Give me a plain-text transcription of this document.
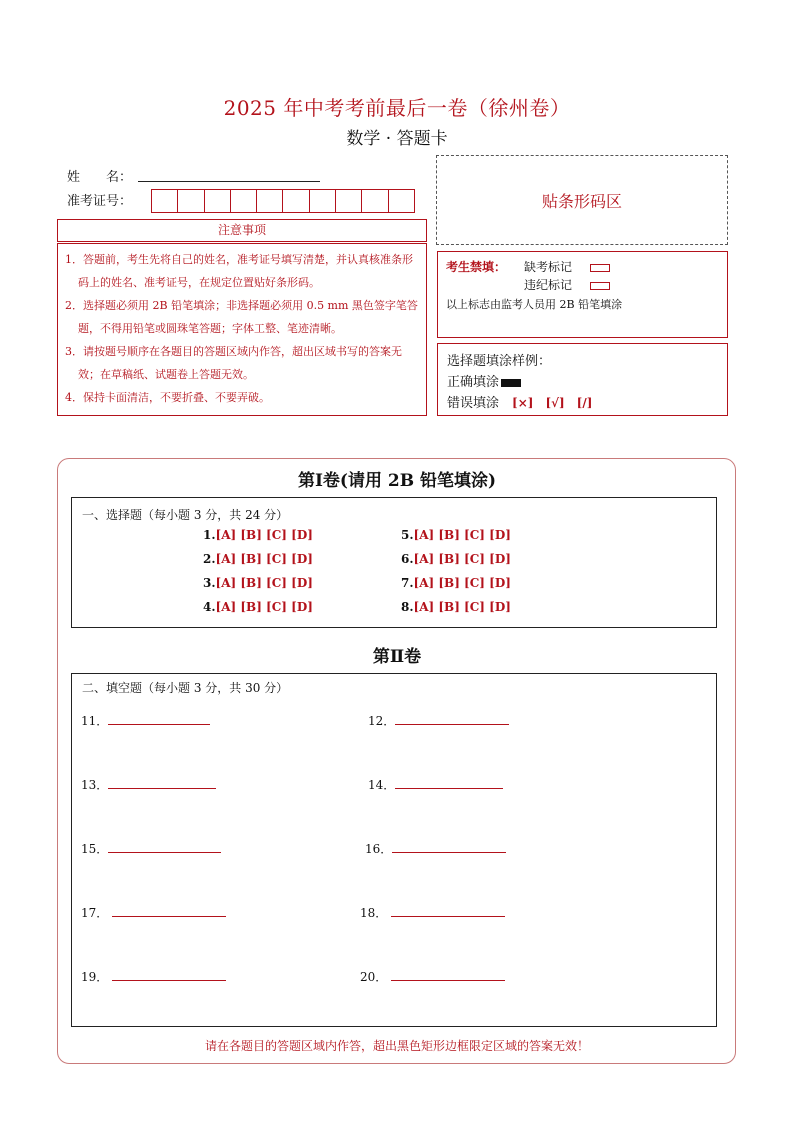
2025 年中考考前最后一卷（徐州卷）
数学 · 答题卡
姓　　名：
准考证号：	贴条形码区
注意事项

1．答题前，考生先将自己的姓名，准考证号填写清楚，并认真核准条形码上的姓名、准考证号，在规定位置贴好条形码。

2．选择题必须用 2B 铅笔填涂；非选择题必须用 0.5 mm 黑色签字笔答题，不得用铅笔或圆珠笔答题；字体工整、笔迹清晰。

3．请按题号顺序在各题目的答题区域内作答，超出区域书写的答案无效；在草稿纸、试题卷上答题无效。

4．保持卡面清洁，不要折叠、不要弄破。

考生禁填：	缺考标记
违纪标记
以上标志由监考人员用 2B 铅笔填涂
选择题填涂样例：
正确填涂
错误填涂　 [×]　[√]　[/]
第Ⅰ卷(请用 2B 铅笔填涂)
一、选择题（每小题 3 分，共 24 分）
1.[A] [B] [C] [D]
2.[A] [B] [C] [D]
3.[A] [B] [C] [D]
4.[A] [B] [C] [D]
5.[A] [B] [C] [D]
6.[A] [B] [C] [D]
7.[A] [B] [C] [D]
8.[A] [B] [C] [D]
第Ⅱ卷
二、填空题（每小题 3 分，共 30 分）
11．	12．
13．	14．
15．	16．
17．	18．
19．	20．
请在各题目的答题区域内作答，超出黑色矩形边框限定区域的答案无效！
